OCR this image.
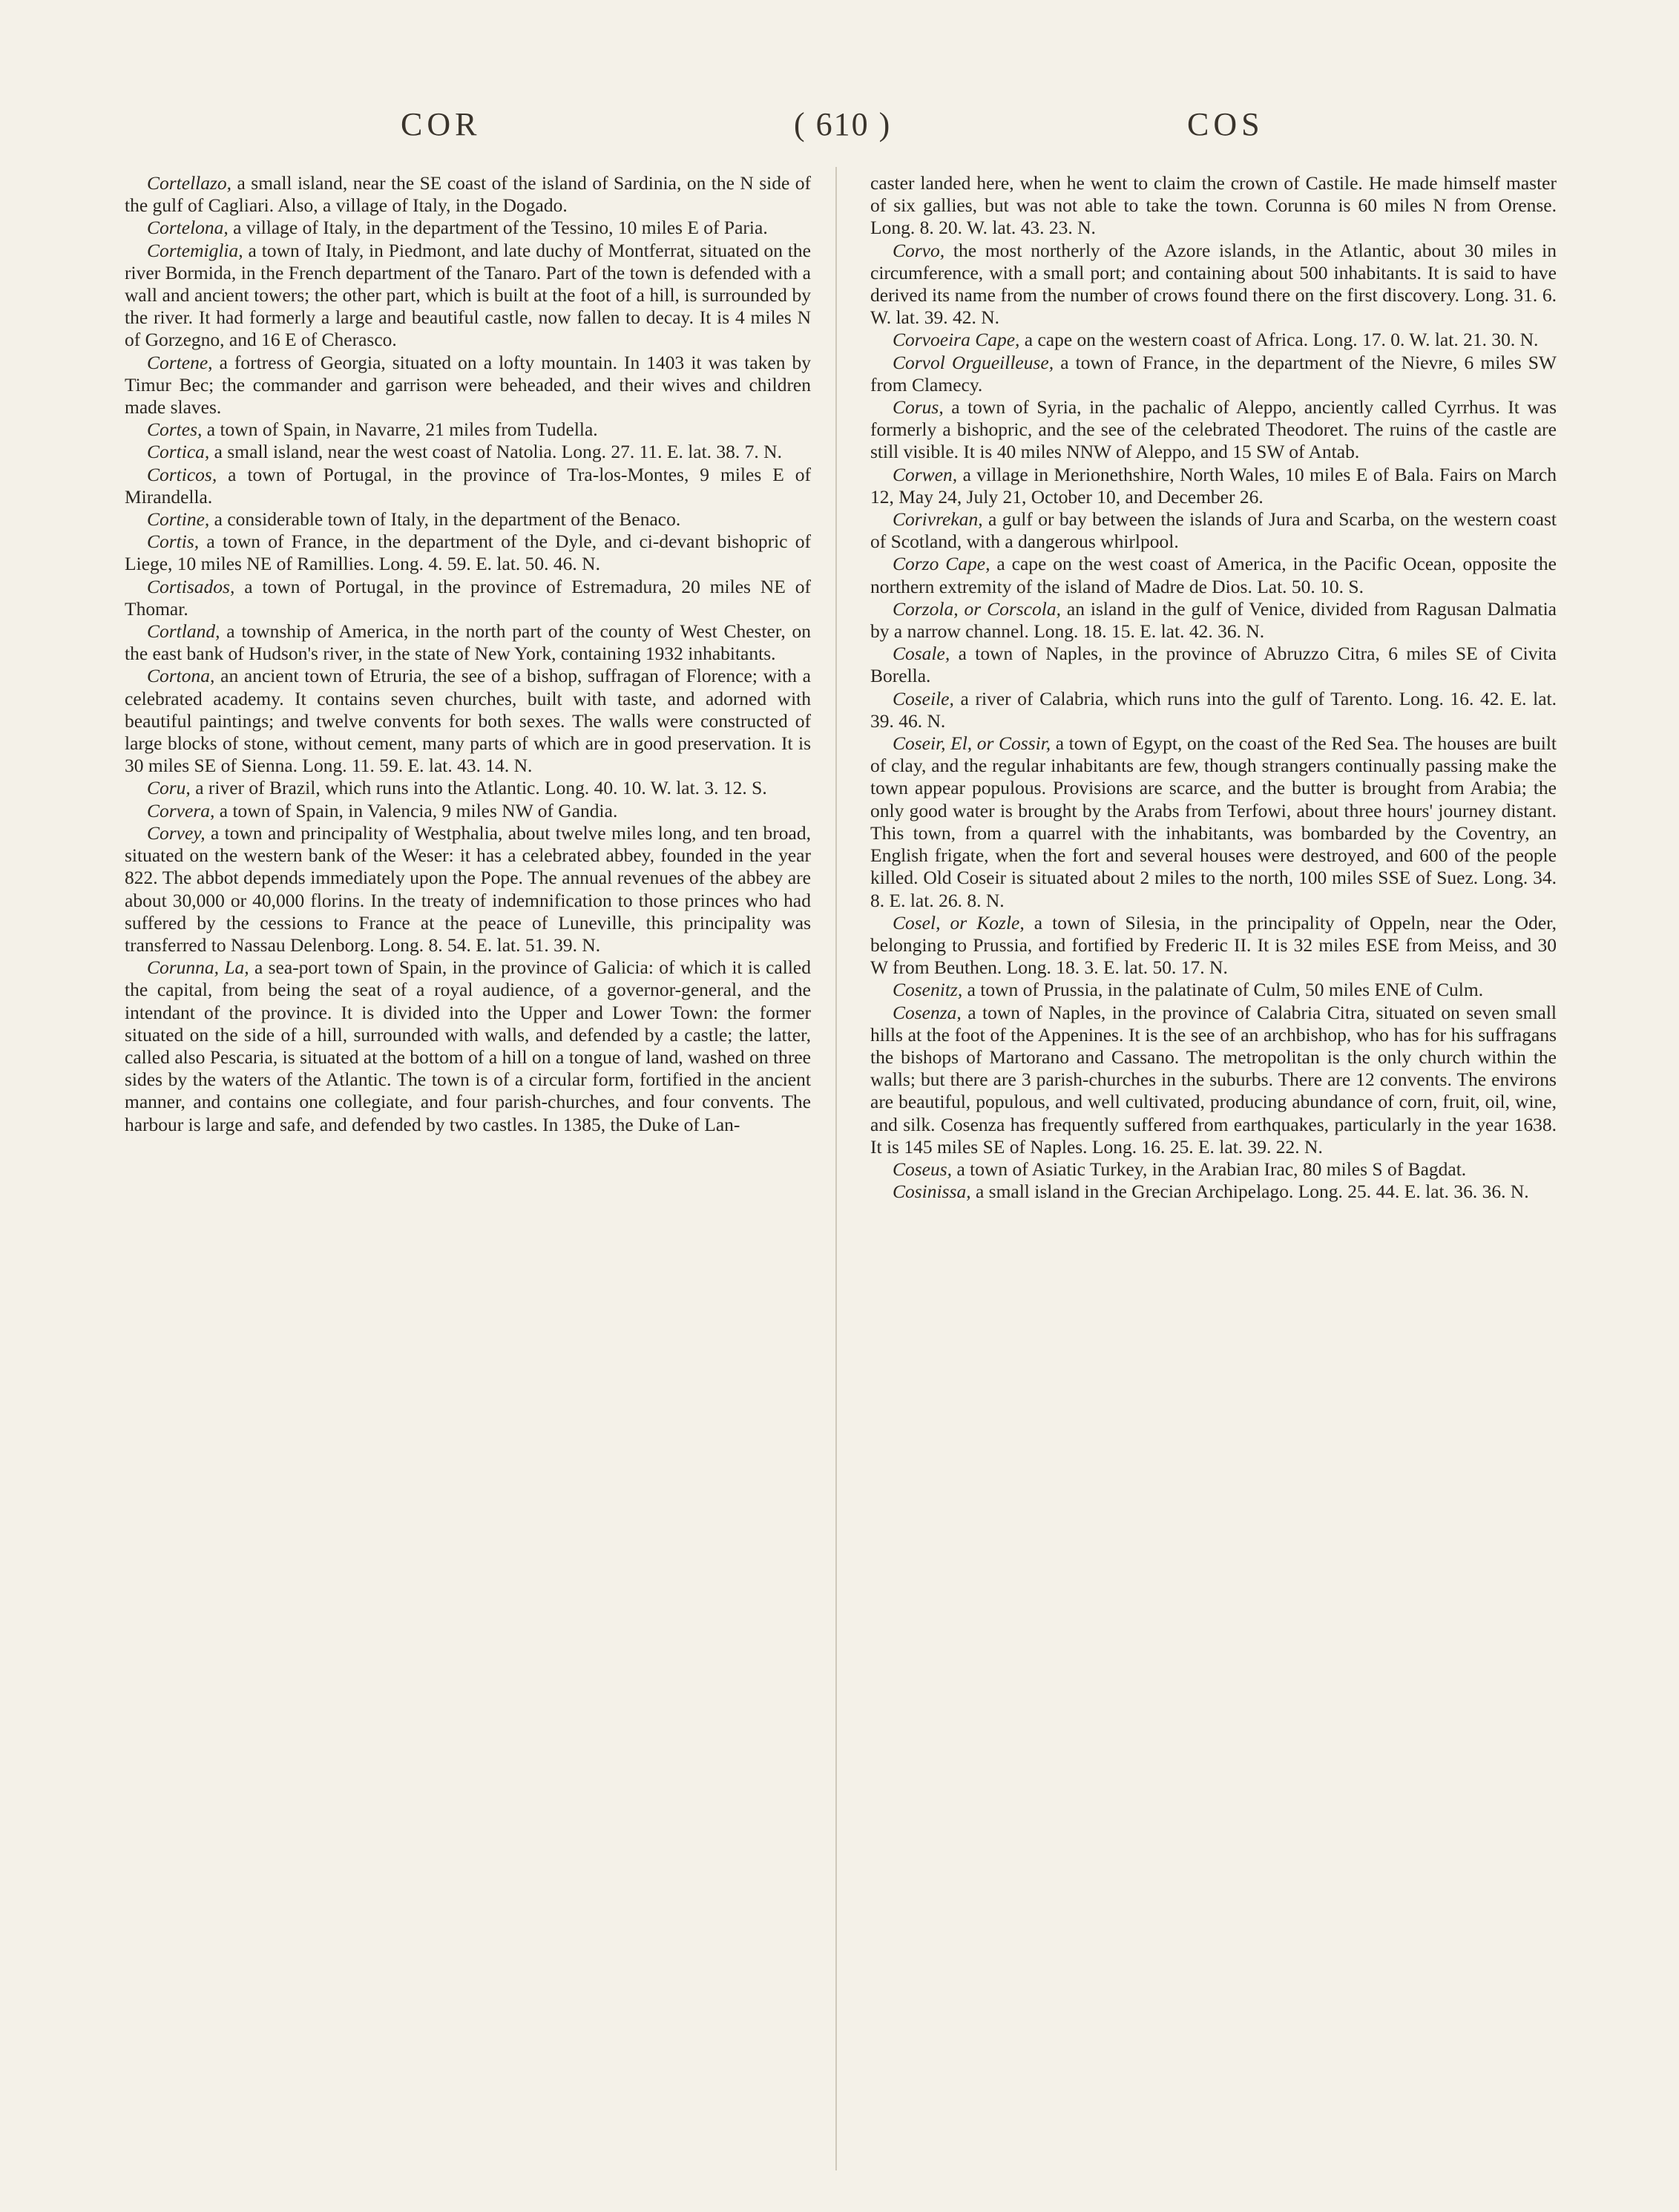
COR	( 610 )	COS

Cortellazo, a small island, near the SE coast of the island of Sardinia, on the N side of the gulf of Cagliari. Also, a village of Italy, in the Dogado.

Cortelona, a village of Italy, in the department of the Tessino, 10 miles E of Paria.

Cortemiglia, a town of Italy, in Piedmont, and late duchy of Montferrat, situated on the river Bormida, in the French department of the Tanaro. Part of the town is defended with a wall and ancient towers; the other part, which is built at the foot of a hill, is surrounded by the river. It had formerly a large and beautiful castle, now fallen to decay. It is 4 miles N of Gorzegno, and 16 E of Cherasco.

Cortene, a fortress of Georgia, situated on a lofty mountain. In 1403 it was taken by Timur Bec; the commander and garrison were beheaded, and their wives and children made slaves.

Cortes, a town of Spain, in Navarre, 21 miles from Tudella.

Cortica, a small island, near the west coast of Natolia. Long. 27. 11. E. lat. 38. 7. N.

Corticos, a town of Portugal, in the province of Tra-los-Montes, 9 miles E of Mirandella.

Cortine, a considerable town of Italy, in the department of the Benaco.

Cortis, a town of France, in the department of the Dyle, and ci-devant bishopric of Liege, 10 miles NE of Ramillies. Long. 4. 59. E. lat. 50. 46. N.

Cortisados, a town of Portugal, in the province of Estremadura, 20 miles NE of Thomar.

Cortland, a township of America, in the north part of the county of West Chester, on the east bank of Hudson's river, in the state of New York, containing 1932 inhabitants.

Cortona, an ancient town of Etruria, the see of a bishop, suffragan of Florence; with a celebrated academy. It contains seven churches, built with taste, and adorned with beautiful paintings; and twelve convents for both sexes. The walls were constructed of large blocks of stone, without cement, many parts of which are in good preservation. It is 30 miles SE of Sienna. Long. 11. 59. E. lat. 43. 14. N.

Coru, a river of Brazil, which runs into the Atlantic. Long. 40. 10. W. lat. 3. 12. S.

Corvera, a town of Spain, in Valencia, 9 miles NW of Gandia.

Corvey, a town and principality of Westphalia, about twelve miles long, and ten broad, situated on the western bank of the Weser: it has a celebrated abbey, founded in the year 822. The abbot depends immediately upon the Pope. The annual revenues of the abbey are about 30,000 or 40,000 florins. In the treaty of indemnification to those princes who had suffered by the cessions to France at the peace of Luneville, this principality was transferred to Nassau Delenborg. Long. 8. 54. E. lat. 51. 39. N.

Corunna, La, a sea-port town of Spain, in the province of Galicia: of which it is called the capital, from being the seat of a royal audience, of a governor-general, and the intendant of the province. It is divided into the Upper and Lower Town: the former situated on the side of a hill, surrounded with walls, and defended by a castle; the latter, called also Pescaria, is situated at the bottom of a hill on a tongue of land, washed on three sides by the waters of the Atlantic. The town is of a circular form, fortified in the ancient manner, and contains one collegiate, and four parish-churches, and four convents. The harbour is large and safe, and defended by two castles. In 1385, the Duke of Lan-

caster landed here, when he went to claim the crown of Castile. He made himself master of six gallies, but was not able to take the town. Corunna is 60 miles N from Orense. Long. 8. 20. W. lat. 43. 23. N.

Corvo, the most northerly of the Azore islands, in the Atlantic, about 30 miles in circumference, with a small port; and containing about 500 inhabitants. It is said to have derived its name from the number of crows found there on the first discovery. Long. 31. 6. W. lat. 39. 42. N.

Corvoeira Cape, a cape on the western coast of Africa. Long. 17. 0. W. lat. 21. 30. N.

Corvol Orgueilleuse, a town of France, in the department of the Nievre, 6 miles SW from Clamecy.

Corus, a town of Syria, in the pachalic of Aleppo, anciently called Cyrrhus. It was formerly a bishopric, and the see of the celebrated Theodoret. The ruins of the castle are still visible. It is 40 miles NNW of Aleppo, and 15 SW of Antab.

Corwen, a village in Merionethshire, North Wales, 10 miles E of Bala. Fairs on March 12, May 24, July 21, October 10, and December 26.

Corivrekan, a gulf or bay between the islands of Jura and Scarba, on the western coast of Scotland, with a dangerous whirlpool.

Corzo Cape, a cape on the west coast of America, in the Pacific Ocean, opposite the northern extremity of the island of Madre de Dios. Lat. 50. 10. S.

Corzola, or Corscola, an island in the gulf of Venice, divided from Ragusan Dalmatia by a narrow channel. Long. 18. 15. E. lat. 42. 36. N.

Cosale, a town of Naples, in the province of Abruzzo Citra, 6 miles SE of Civita Borella.

Coseile, a river of Calabria, which runs into the gulf of Tarento. Long. 16. 42. E. lat. 39. 46. N.

Coseir, El, or Cossir, a town of Egypt, on the coast of the Red Sea. The houses are built of clay, and the regular inhabitants are few, though strangers continually passing make the town appear populous. Provisions are scarce, and the butter is brought from Arabia; the only good water is brought by the Arabs from Terfowi, about three hours' journey distant. This town, from a quarrel with the inhabitants, was bombarded by the Coventry, an English frigate, when the fort and several houses were destroyed, and 600 of the people killed. Old Coseir is situated about 2 miles to the north, 100 miles SSE of Suez. Long. 34. 8. E. lat. 26. 8. N.

Cosel, or Kozle, a town of Silesia, in the principality of Oppeln, near the Oder, belonging to Prussia, and fortified by Frederic II. It is 32 miles ESE from Meiss, and 30 W from Beuthen. Long. 18. 3. E. lat. 50. 17. N.

Cosenitz, a town of Prussia, in the palatinate of Culm, 50 miles ENE of Culm.

Cosenza, a town of Naples, in the province of Calabria Citra, situated on seven small hills at the foot of the Appenines. It is the see of an archbishop, who has for his suffragans the bishops of Martorano and Cassano. The metropolitan is the only church within the walls; but there are 3 parish-churches in the suburbs. There are 12 convents. The environs are beautiful, populous, and well cultivated, producing abundance of corn, fruit, oil, wine, and silk. Cosenza has frequently suffered from earthquakes, particularly in the year 1638. It is 145 miles SE of Naples. Long. 16. 25. E. lat. 39. 22. N.

Coseus, a town of Asiatic Turkey, in the Arabian Irac, 80 miles S of Bagdat.

Cosinissa, a small island in the Grecian Archipelago. Long. 25. 44. E. lat. 36. 36. N.
